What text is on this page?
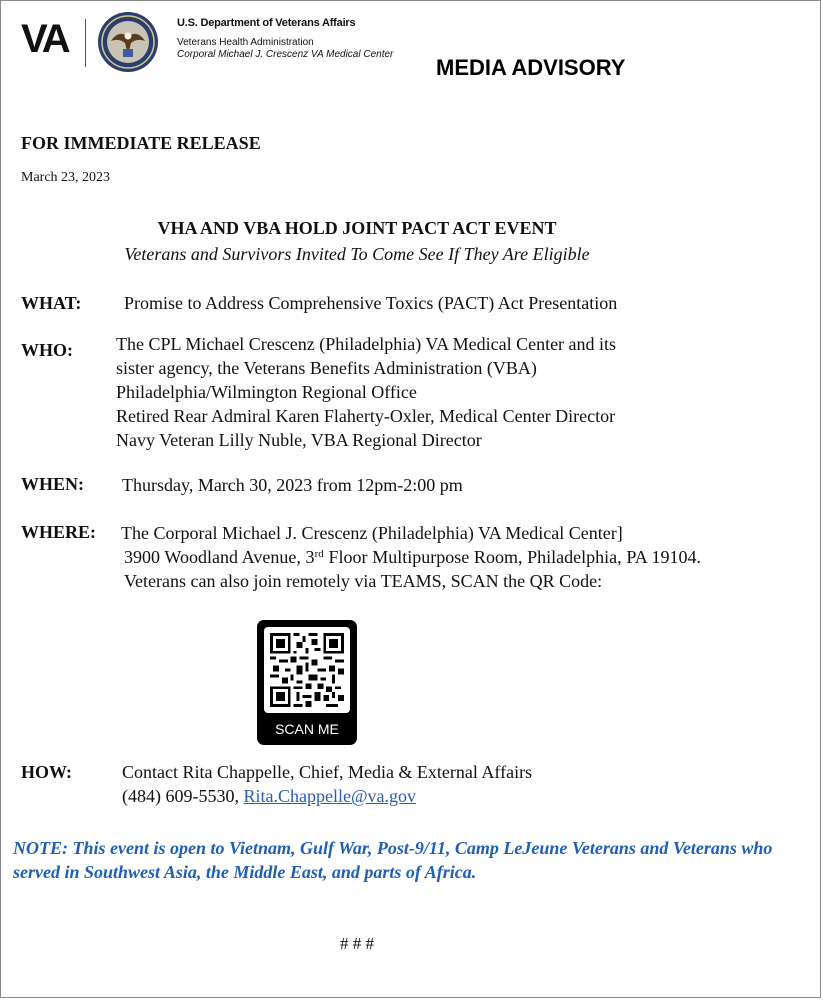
VA	U.S. Department of Veterans Affairs
Veterans Health Administration
Corporal Michael J. Crescenz VA Medical Center
MEDIA ADVISORY
FOR IMMEDIATE RELEASE
March 23, 2023
VHA AND VBA HOLD JOINT PACT ACT EVENT
Veterans and Survivors Invited To Come See If They Are Eligible
WHAT: Promise to Address Comprehensive Toxics (PACT) Act Presentation
WHO: The CPL Michael Crescenz (Philadelphia) VA Medical Center and its
sister agency, the Veterans Benefits Administration (VBA)
Philadelphia/Wilmington Regional Office
Retired Rear Admiral Karen Flaherty-Oxler, Medical Center Director
Navy Veteran Lilly Nuble, VBA Regional Director
WHEN: Thursday, March 30, 2023 from 12pm-2:00 pm
WHERE: The Corporal Michael J. Crescenz (Philadelphia) VA Medical Center]
3900 Woodland Avenue, 3rd Floor Multipurpose Room, Philadelphia, PA 19104. Veterans can also join remotely via TEAMS, SCAN the QR Code:
SCAN ME
HOW:	Contact Rita Chappelle, Chief, Media & External Affairs
(484) 609-5530, Rita.Chappelle@va.gov
NOTE: This event is open to Vietnam, Gulf War, Post-9/11, Camp LeJeune Veterans and Veterans who served in Southwest Asia, the Middle East, and parts of Africa.
# # #
